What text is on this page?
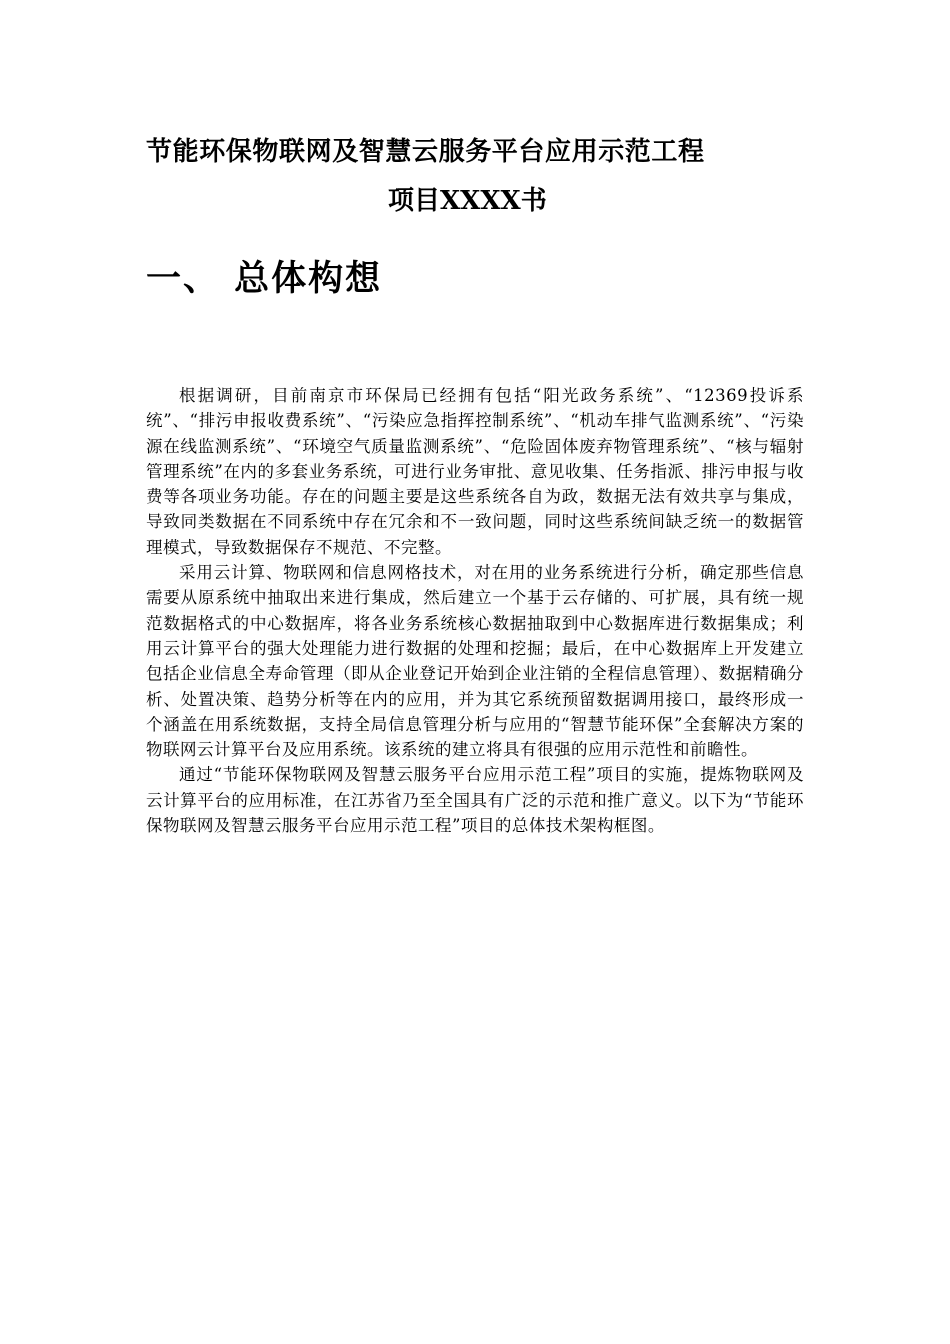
节能环保物联网及智慧云服务平台应用示范工程
项目XXXX书
一、 总体构想

根据调研，目前南京市环保局已经拥有包括“阳光政务系统”、“12369投诉系统”、“排污申报收费系统”、“污染应急指挥控制系统”、“机动车排气监测系统”、“污染源在线监测系统”、“环境空气质量监测系统”、“危险固体废弃物管理系统”、“核与辐射管理系统”在内的多套业务系统，可进行业务审批、意见收集、任务指派、排污申报与收费等各项业务功能。存在的问题主要是这些系统各自为政，数据无法有效共享与集成，导致同类数据在不同系统中存在冗余和不一致问题，同时这些系统间缺乏统一的数据管理模式，导致数据保存不规范、不完整。

采用云计算、物联网和信息网格技术，对在用的业务系统进行分析，确定那些信息需要从原系统中抽取出来进行集成，然后建立一个基于云存储的、可扩展，具有统一规范数据格式的中心数据库，将各业务系统核心数据抽取到中心数据库进行数据集成；利用云计算平台的强大处理能力进行数据的处理和挖掘；最后，在中心数据库上开发建立包括企业信息全寿命管理（即从企业登记开始到企业注销的全程信息管理）、数据精确分析、处置决策、趋势分析等在内的应用，并为其它系统预留数据调用接口，最终形成一个涵盖在用系统数据，支持全局信息管理分析与应用的“智慧节能环保”全套解决方案的物联网云计算平台及应用系统。该系统的建立将具有很强的应用示范性和前瞻性。

通过“节能环保物联网及智慧云服务平台应用示范工程”项目的实施，提炼物联网及云计算平台的应用标准，在江苏省乃至全国具有广泛的示范和推广意义。以下为“节能环保物联网及智慧云服务平台应用示范工程”项目的总体技术架构框图。
